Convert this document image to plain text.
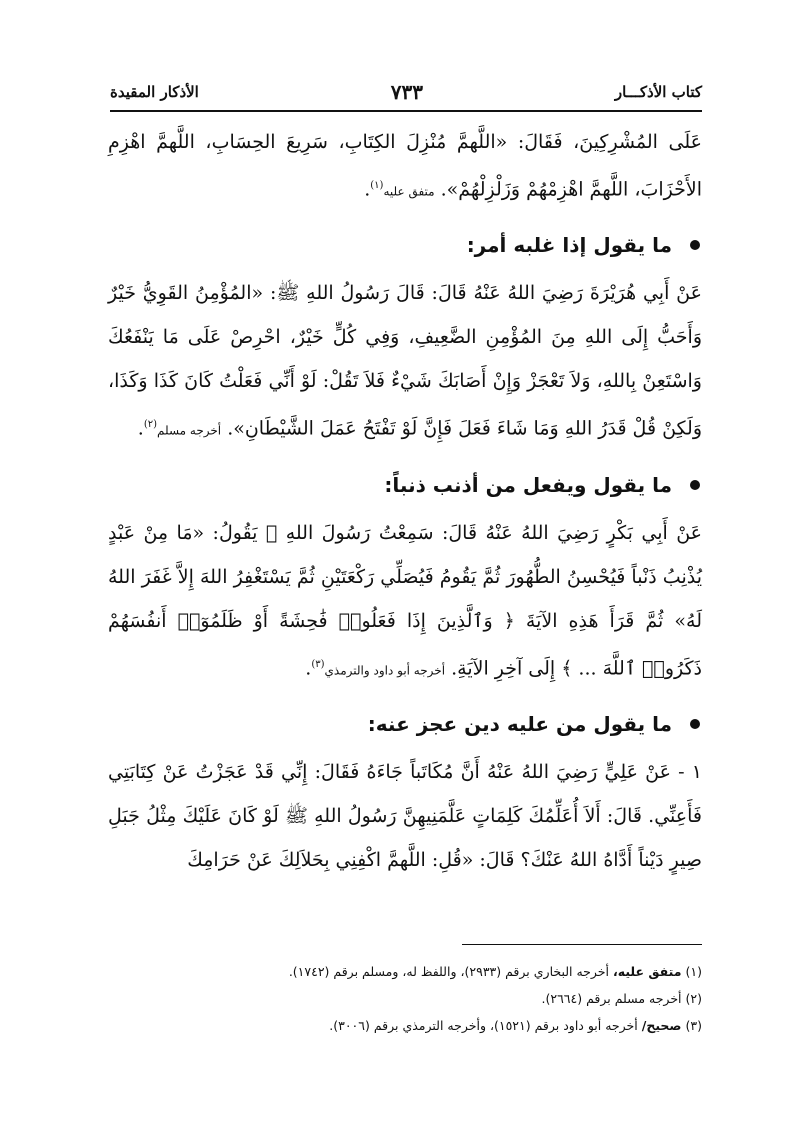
كتاب الأذكـــار
٧٣٣
الأذكار المقيدة

عَلَى المُشْرِكِينَ، فَقَالَ: «اللَّهمَّ مُنْزِلَ الكِتَابِ، سَرِيعَ الحِسَابِ، اللَّهمَّ اهْزِمِ الأَحْزَابَ، اللَّهمَّ اهْزِمْهُمْ وَزَلْزِلْهُمْ». متفق عليه$^{(١)}$.

ما يقول إذا غلبه أمر:

عَنْ أَبِي هُرَيْرَةَ رَضِيَ اللهُ عَنْهُ قَالَ: قَالَ رَسُولُ اللهِ ﷺ: «المُؤْمِنُ القَوِيُّ خَيْرٌ وَأَحَبُّ إِلَى اللهِ مِنَ المُؤْمِنِ الضَّعِيفِ، وَفِي كُلٍّ خَيْرٌ، احْرِصْ عَلَى مَا يَنْفَعُكَ وَاسْتَعِنْ بِاللهِ، وَلاَ تَعْجَزْ وَإِنْ أَصَابَكَ شَيْءٌ فَلاَ تَقُلْ: لَوْ أَنِّي فَعَلْتُ كَانَ كَذَا وَكَذَا، وَلَكِنْ قُلْ قَدَرُ اللهِ وَمَا شَاءَ فَعَلَ فَإِنَّ لَوْ تَفْتَحُ عَمَلَ الشَّيْطَانِ». أخرجه مسلم$^{(٢)}$.

ما يقول ويفعل من أذنب ذنباً:

عَنْ أَبِي بَكْرٍ رَضِيَ اللهُ عَنْهُ قَالَ: سَمِعْتُ رَسُولَ اللهِ ﷺ يَقُولُ: «مَا مِنْ عَبْدٍ يُذْنِبُ ذَنْباً فَيُحْسِنُ الطُّهُورَ ثُمَّ يَقُومُ فَيُصَلِّي رَكْعَتَيْنِ ثُمَّ يَسْتَغْفِرُ اللهَ إِلاَّ غَفَرَ اللهُ لَهُ» ثُمَّ قَرَأَ هَذِهِ الآيَةَ ﴿ وَٱلَّذِينَ إِذَا فَعَلُوا۟ فَٰحِشَةً أَوْ ظَلَمُوٓا۟ أَنفُسَهُمْ ذَكَرُوا۟ ٱللَّهَ ... ﴾ إِلَى آخِرِ الآيَةِ. أخرجه أبو داود والترمذي$^{(٣)}$.

ما يقول من عليه دين عجز عنه:

١ - عَنْ عَلِيٍّ رَضِيَ اللهُ عَنْهُ أَنَّ مُكَاتَباً جَاءَهُ فَقَالَ: إِنِّي قَدْ عَجَزْتُ عَنْ كِتَابَتِي فَأَعِنِّي. قَالَ: أَلاَ أُعَلِّمُكَ كَلِمَاتٍ عَلَّمَنِيهِنَّ رَسُولُ اللهِ ﷺ لَوْ كَانَ عَلَيْكَ مِثْلُ جَبَلِ صِيرٍ دَيْناً أَدَّاهُ اللهُ عَنْكَ؟ قَالَ: «قُلِ: اللَّهمَّ اكْفِنِي بِحَلاَلِكَ عَنْ حَرَامِكَ

(١) متفق عليه، أخرجه البخاري برقم (٢٩٣٣)، واللفظ له، ومسلم برقم (١٧٤٢).

(٢) أخرجه مسلم برقم (٢٦٦٤).

(٣) صحيح/ أخرجه أبو داود برقم (١٥٢١)، وأخرجه الترمذي برقم (٣٠٠٦).
